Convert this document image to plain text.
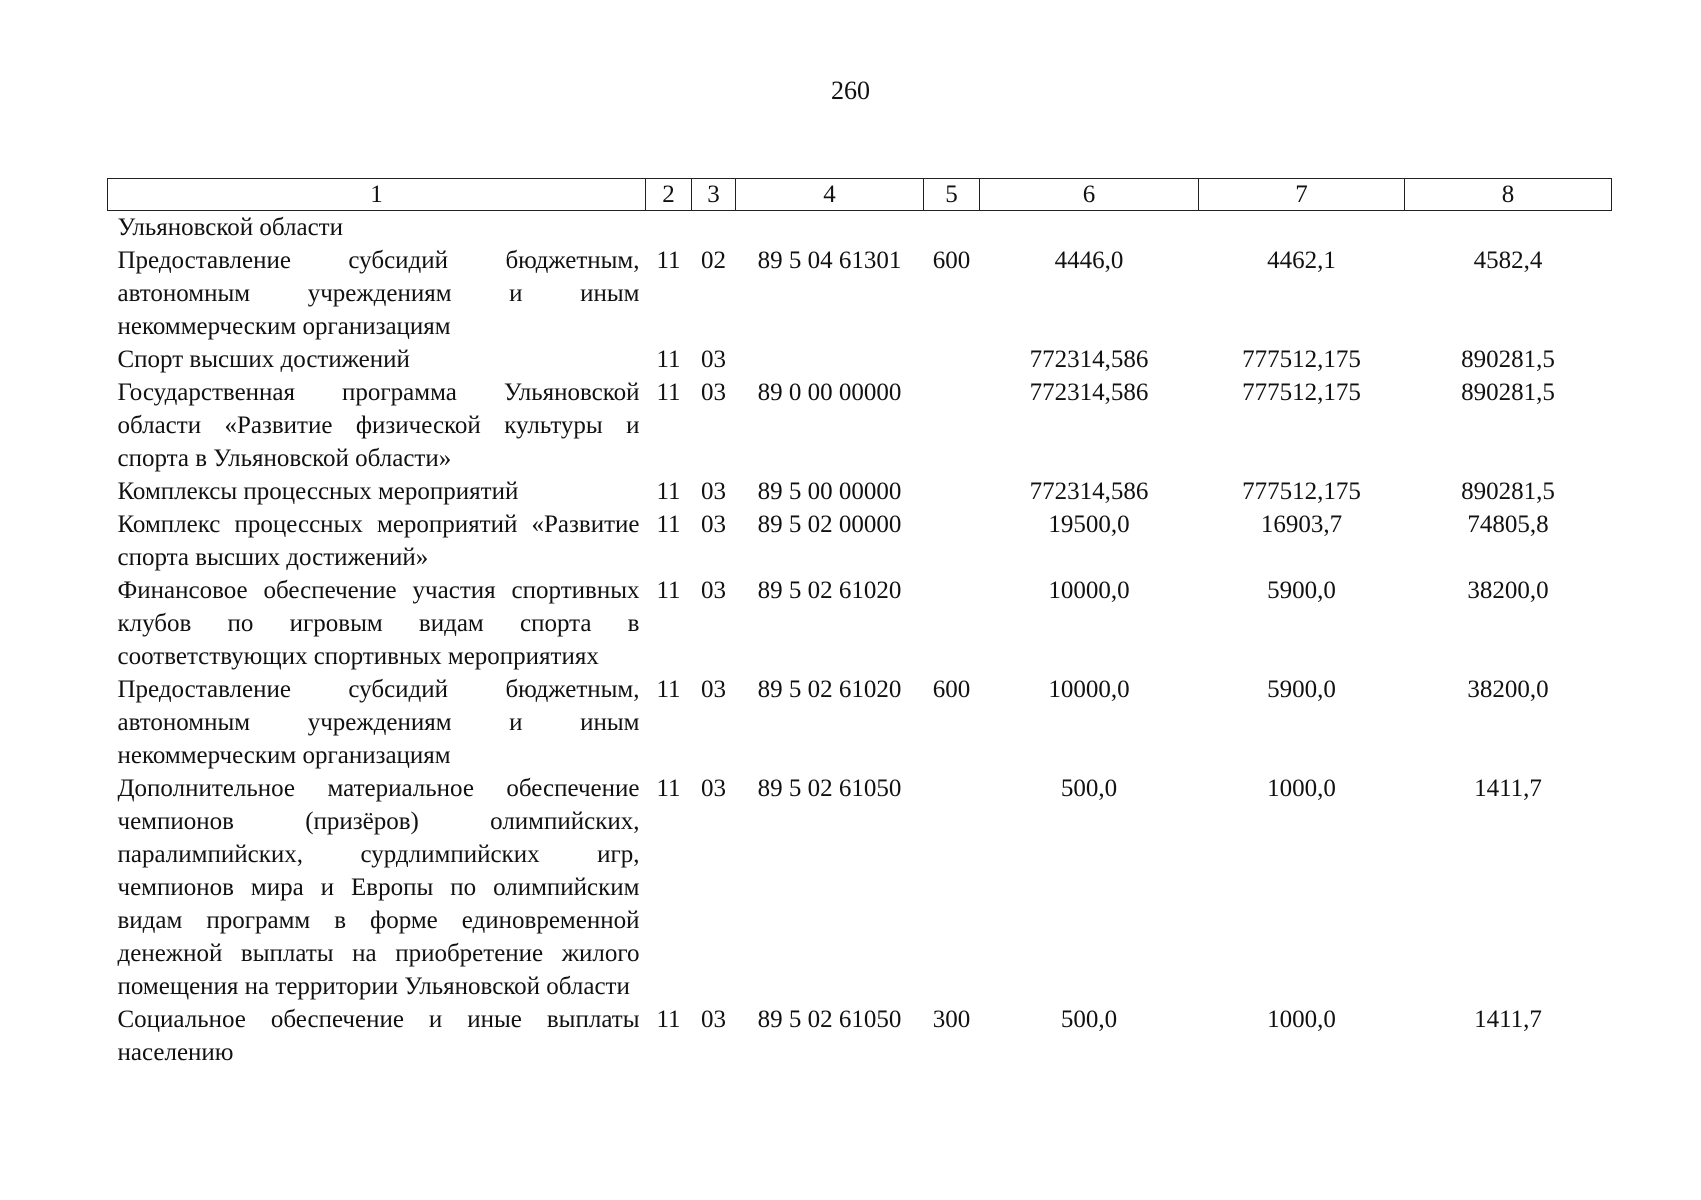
260
1	2	3	4	5	6	7	8
Ульяновской области							
Предоставление субсидий бюджетным, автономным учреждениям и иным некоммерческим организациям	11	02	89 5 04 61301	600	4446,0	4462,1	4582,4
Спорт высших достижений	11	03			772314,586	777512,175	890281,5
Государственная программа Ульяновской области «Развитие физической культуры и спорта в Ульяновской области»	11	03	89 0 00 00000		772314,586	777512,175	890281,5
Комплексы процессных мероприятий	11	03	89 5 00 00000		772314,586	777512,175	890281,5
Комплекс процессных мероприятий «Развитие спорта высших достижений»	11	03	89 5 02 00000		19500,0	16903,7	74805,8
Финансовое обеспечение участия спортивных клубов по игровым видам спорта в соответствующих спортивных мероприятиях	11	03	89 5 02 61020		10000,0	5900,0	38200,0
Предоставление субсидий бюджетным, автономным учреждениям и иным некоммерческим организациям	11	03	89 5 02 61020	600	10000,0	5900,0	38200,0
Дополнительное материальное обеспечение чемпионов (призёров) олимпийских, паралимпийских, сурдлимпийских игр, чемпионов мира и Европы по олимпийским видам программ в форме единовременной денежной выплаты на приобретение жилого помещения на территории Ульяновской области	11	03	89 5 02 61050		500,0	1000,0	1411,7
Социальное обеспечение и иные выплаты населению	11	03	89 5 02 61050	300	500,0	1000,0	1411,7
